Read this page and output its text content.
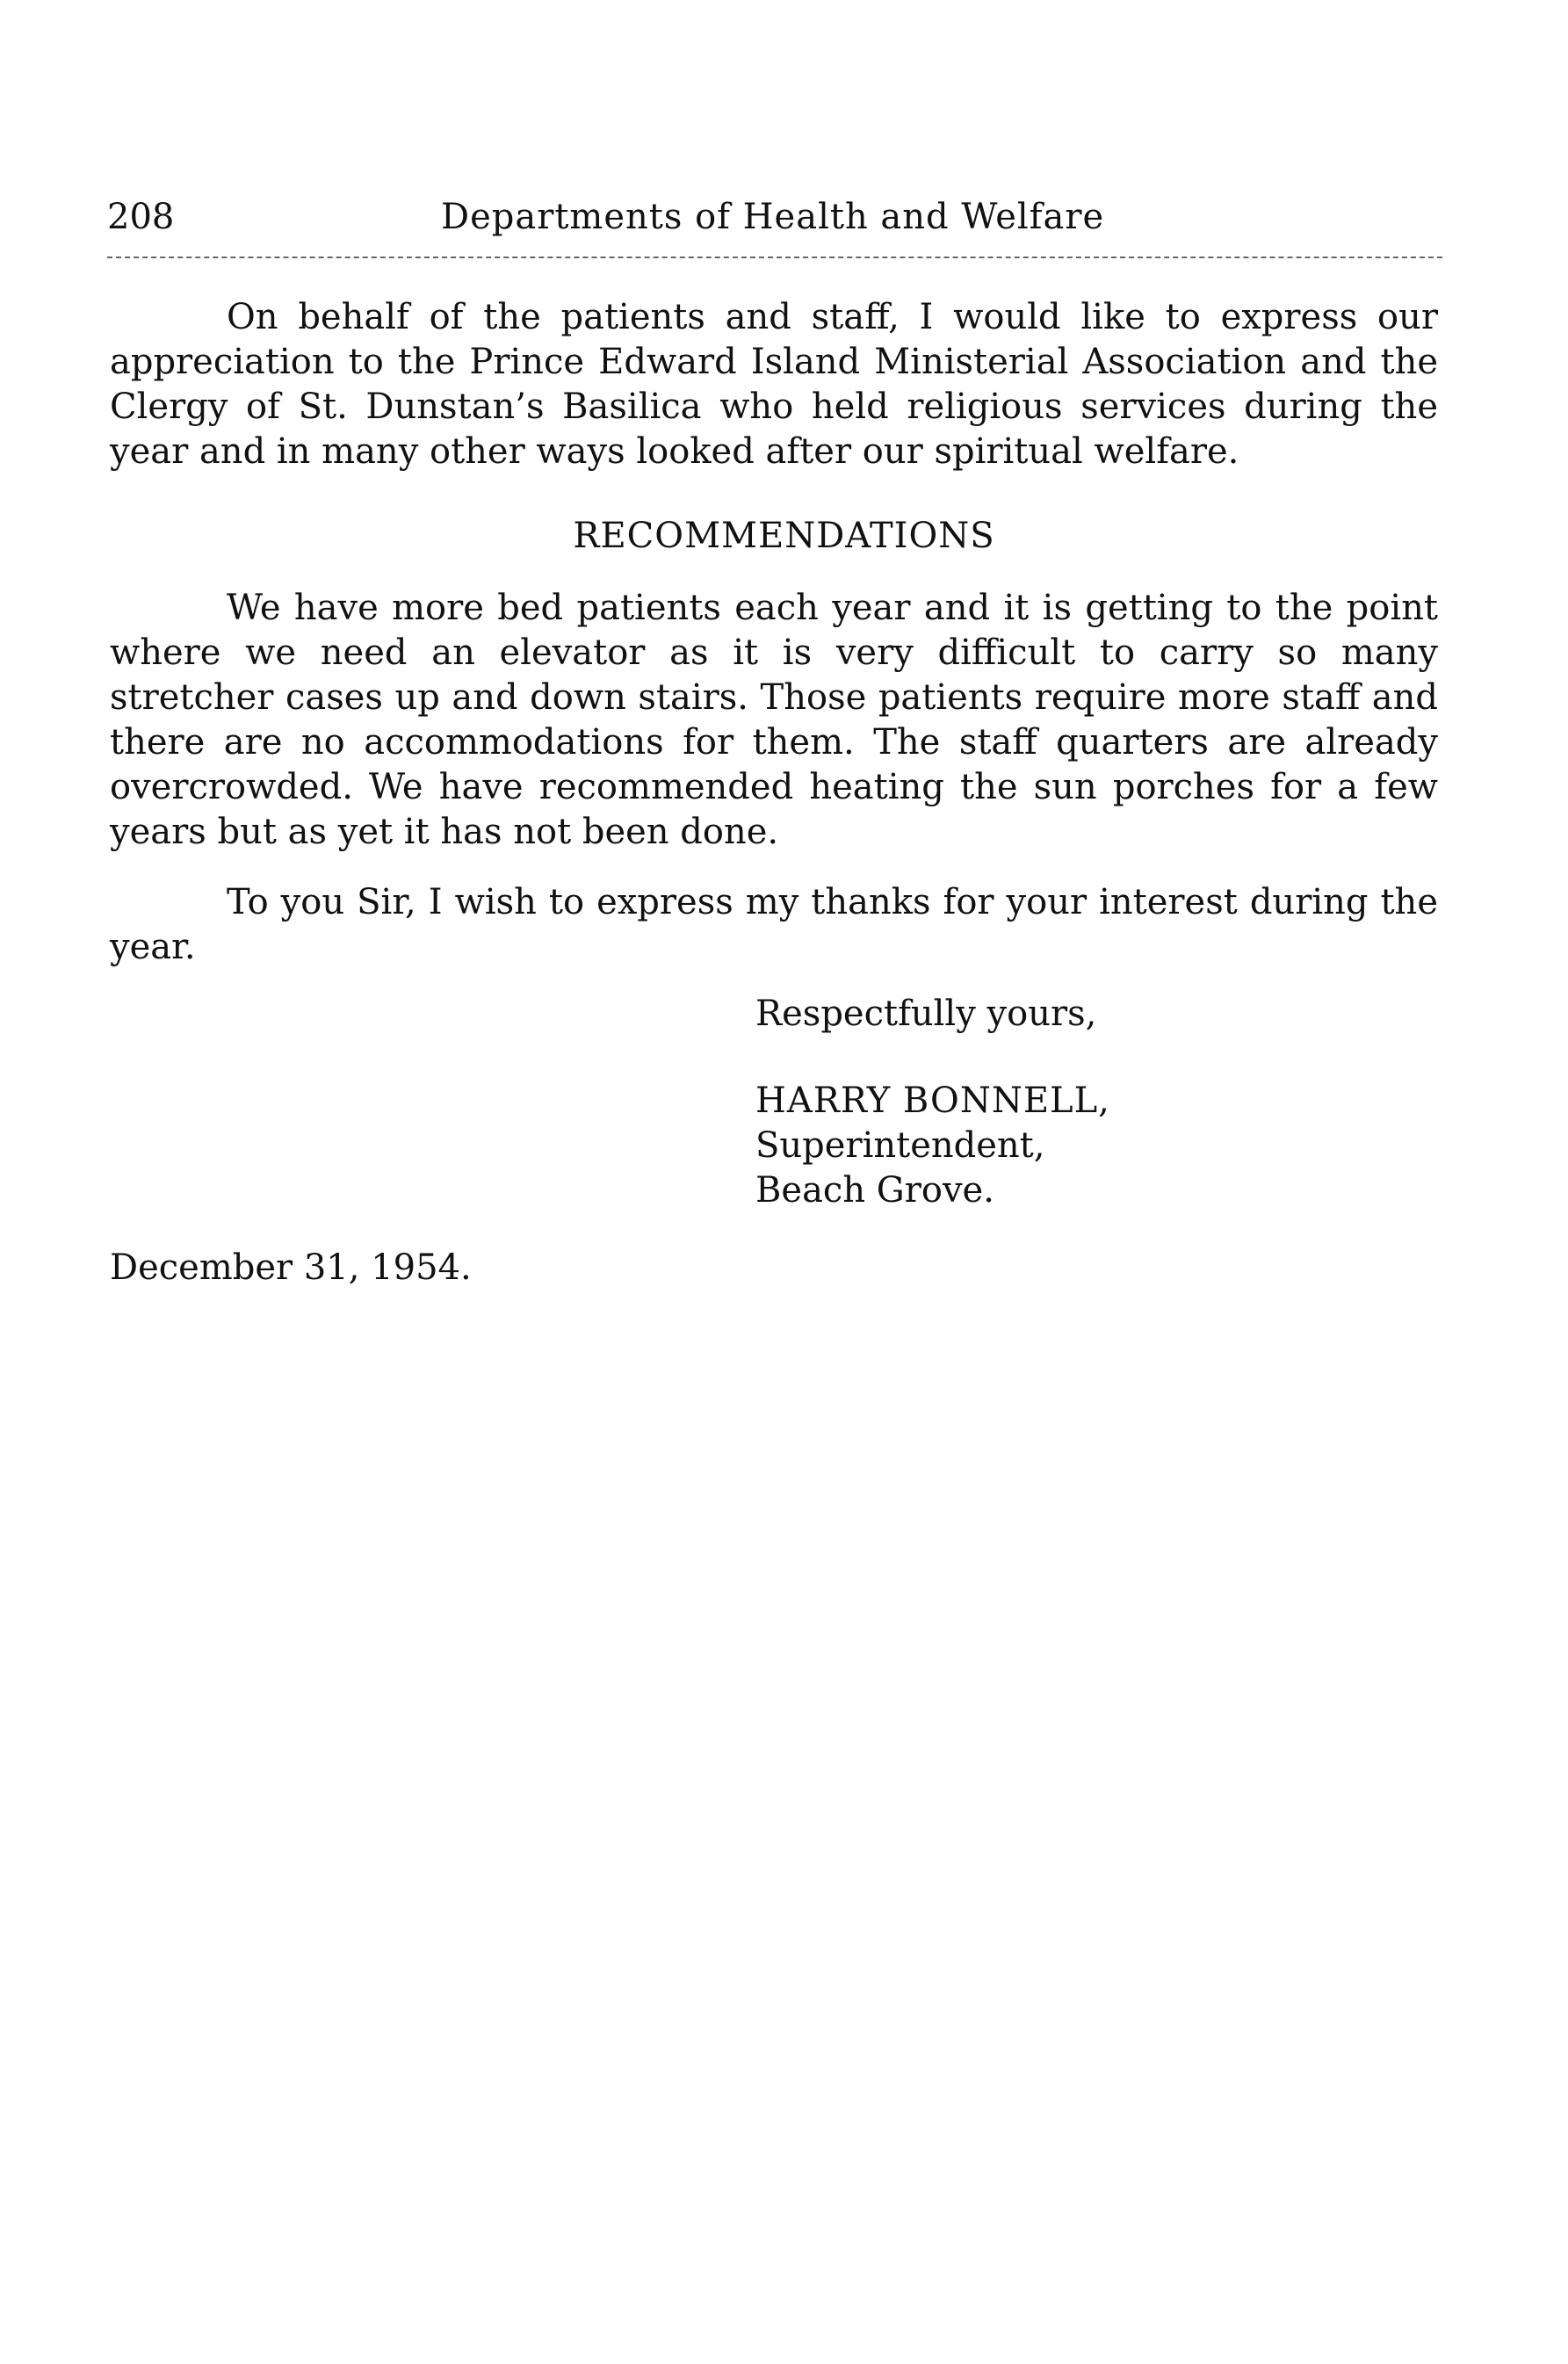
208	Departments of Health and Welfare

On behalf of the patients and staff, I would like to express our appreciation to the Prince Edward Island Ministerial Association and the Clergy of St. Dunstan’s Basilica who held religious services during the year and in many other ways looked after our spiritual welfare.

RECOMMENDATIONS

We have more bed patients each year and it is getting to the point where we need an elevator as it is very difficult to carry so many stretcher cases up and down stairs. Those patients require more staff and there are no accommodations for them. The staff quarters are already overcrowded. We have recommended heating the sun porches for a few years but as yet it has not been done.

To you Sir, I wish to express my thanks for your interest during the year.

Respectfully yours,
HARRY BONNELL,
Superintendent,
Beach Grove.
December 31, 1954.
